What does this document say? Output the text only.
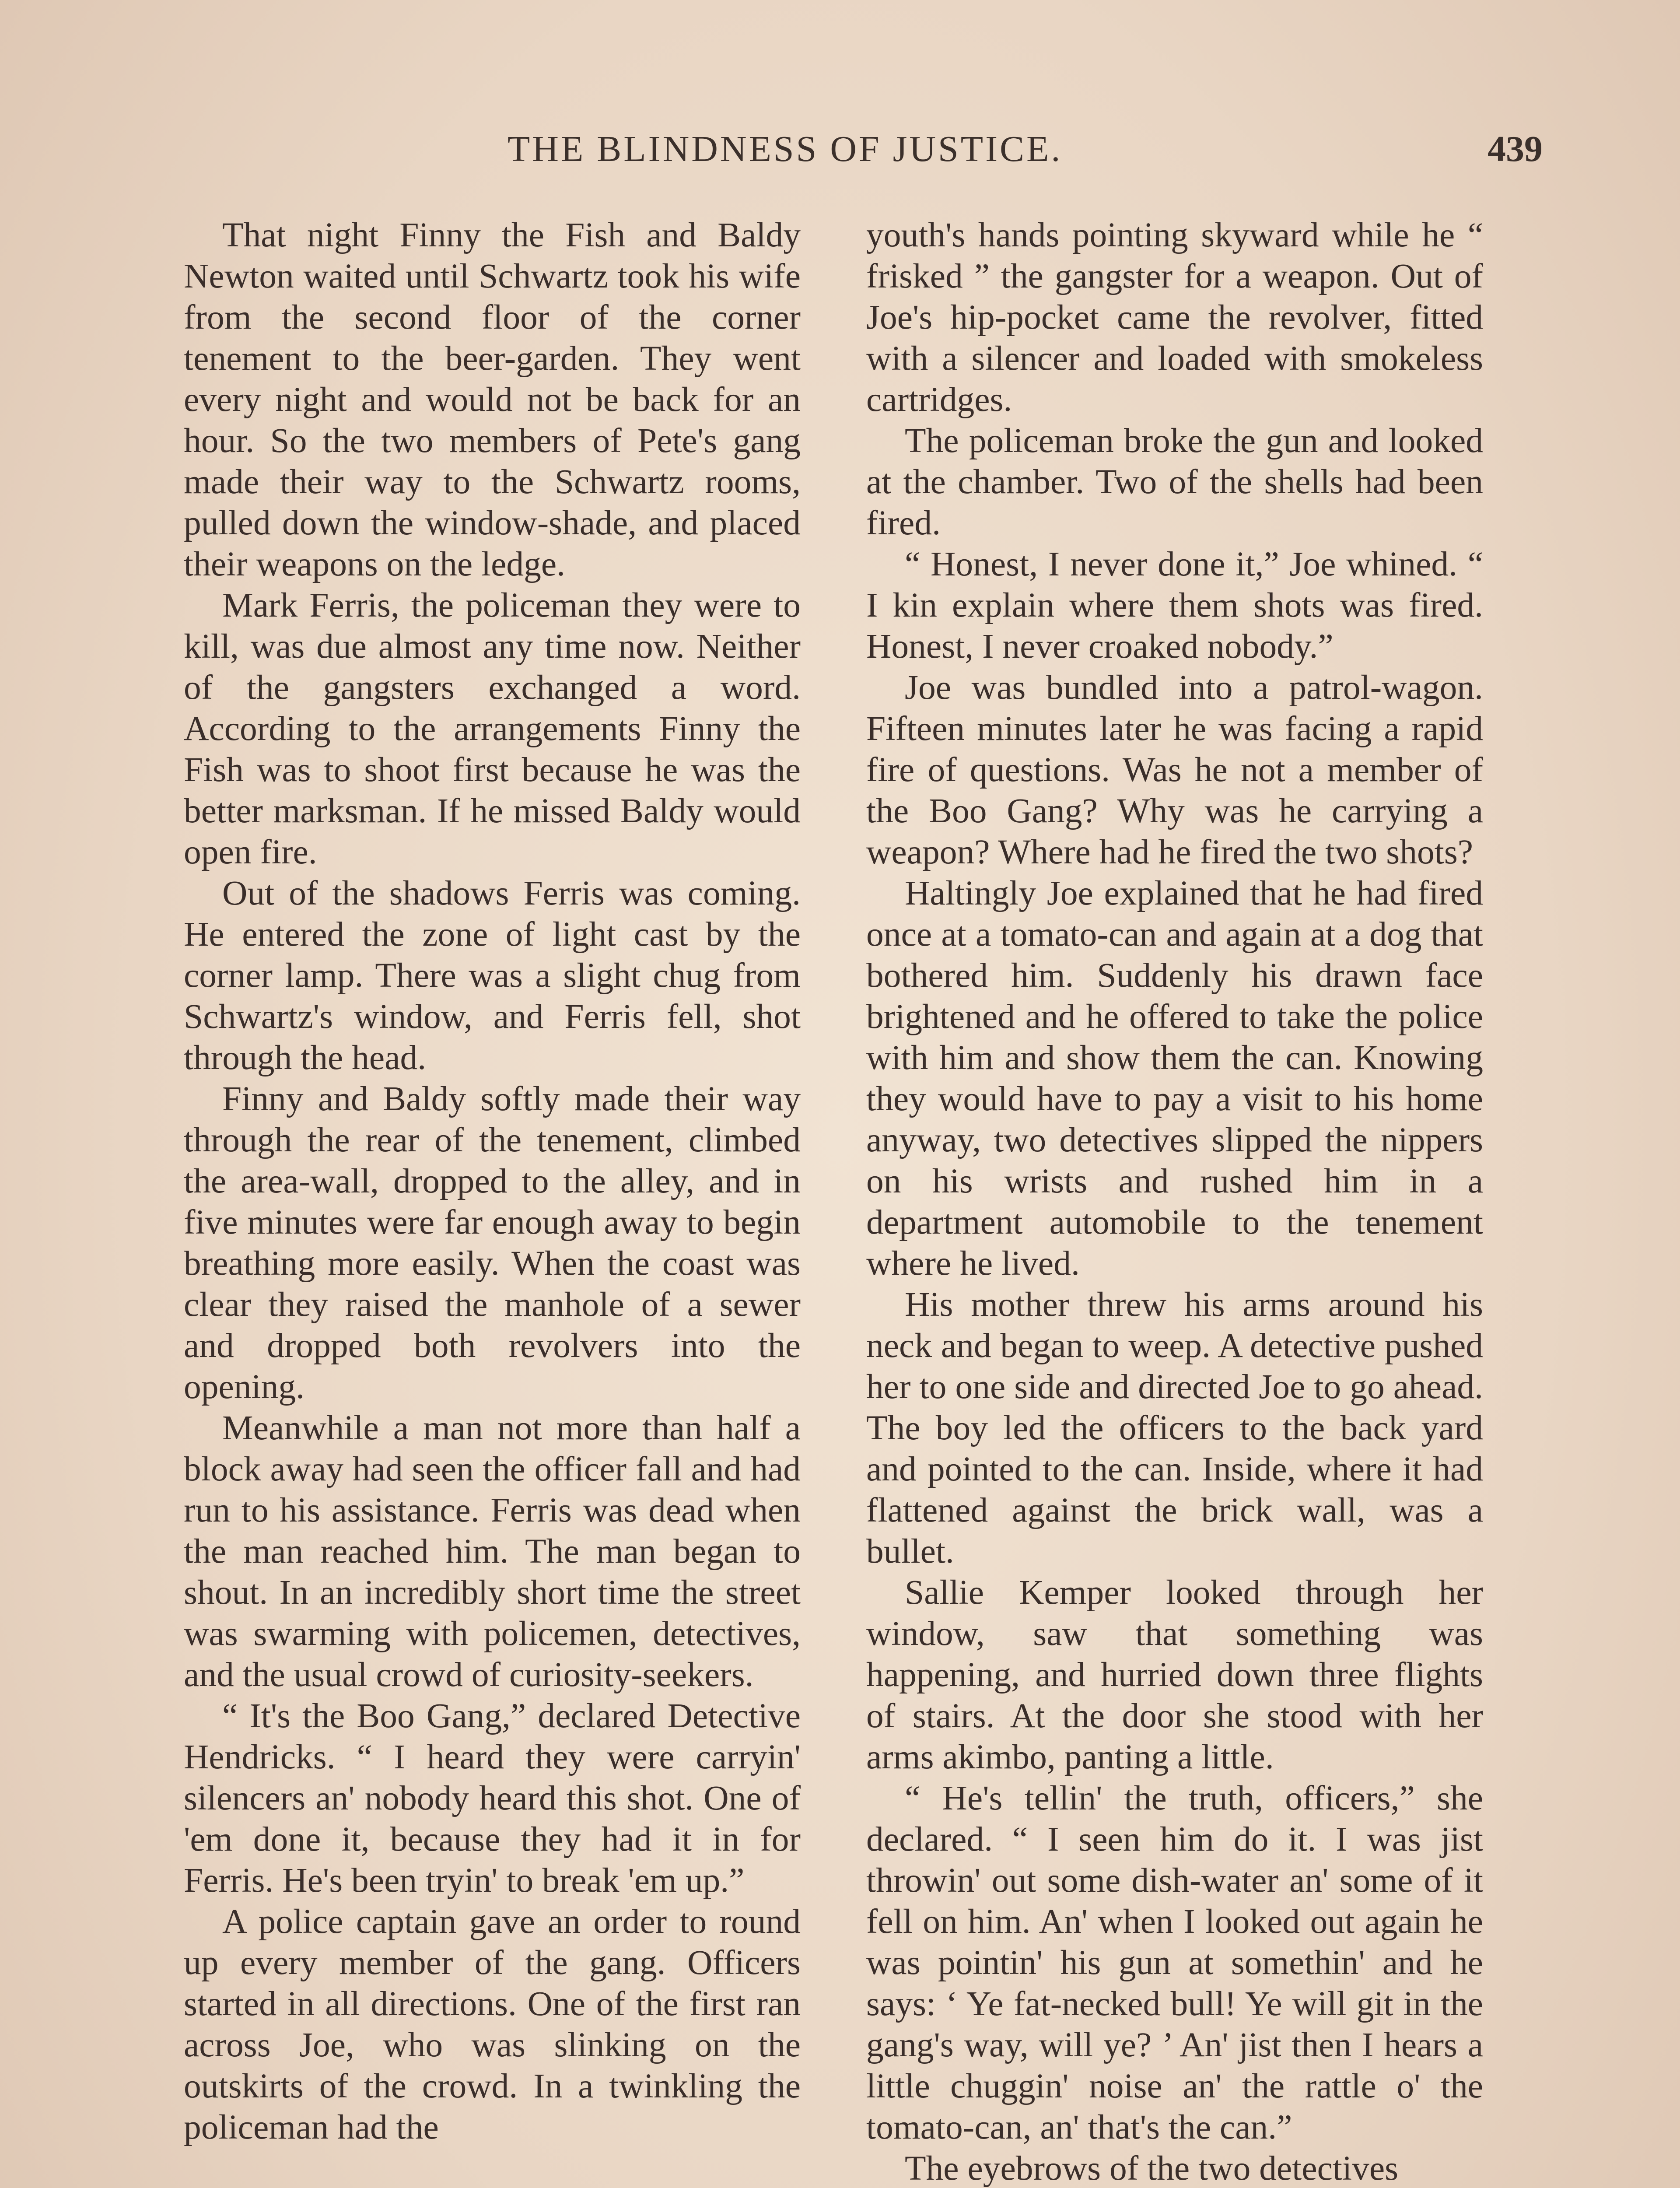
THE BLINDNESS OF JUSTICE.	439

That night Finny the Fish and Baldy Newton waited until Schwartz took his wife from the second floor of the corner tenement to the beer-garden. They went every night and would not be back for an hour. So the two members of Pete's gang made their way to the Schwartz rooms, pulled down the window-shade, and placed their weapons on the ledge.

Mark Ferris, the policeman they were to kill, was due almost any time now. Neither of the gangsters exchanged a word. According to the arrangements Finny the Fish was to shoot first because he was the better marksman. If he missed Baldy would open fire.

Out of the shadows Ferris was coming. He entered the zone of light cast by the corner lamp. There was a slight chug from Schwartz's window, and Ferris fell, shot through the head.

Finny and Baldy softly made their way through the rear of the tenement, climbed the area-wall, dropped to the alley, and in five minutes were far enough away to begin breathing more easily. When the coast was clear they raised the manhole of a sewer and dropped both revolvers into the opening.

Meanwhile a man not more than half a block away had seen the officer fall and had run to his assistance. Ferris was dead when the man reached him. The man began to shout. In an incredibly short time the street was swarming with policemen, detectives, and the usual crowd of curiosity-seekers.

“ It's the Boo Gang,” declared Detective Hendricks. “ I heard they were carryin' silencers an' nobody heard this shot. One of 'em done it, because they had it in for Ferris. He's been tryin' to break 'em up.”

A police captain gave an order to round up every member of the gang. Officers started in all directions. One of the first ran across Joe, who was slinking on the outskirts of the crowd. In a twinkling the policeman had the

youth's hands pointing skyward while he “ frisked ” the gangster for a weapon. Out of Joe's hip-pocket came the revolver, fitted with a silencer and loaded with smokeless cartridges.

The policeman broke the gun and looked at the chamber. Two of the shells had been fired.

“ Honest, I never done it,” Joe whined. “ I kin explain where them shots was fired. Honest, I never croaked nobody.”

Joe was bundled into a patrol-wagon. Fifteen minutes later he was facing a rapid fire of questions. Was he not a member of the Boo Gang? Why was he carrying a weapon? Where had he fired the two shots?

Haltingly Joe explained that he had fired once at a tomato-can and again at a dog that bothered him. Suddenly his drawn face brightened and he offered to take the police with him and show them the can. Knowing they would have to pay a visit to his home anyway, two detectives slipped the nippers on his wrists and rushed him in a department automobile to the tenement where he lived.

His mother threw his arms around his neck and began to weep. A detective pushed her to one side and directed Joe to go ahead. The boy led the officers to the back yard and pointed to the can. Inside, where it had flattened against the brick wall, was a bullet.

Sallie Kemper looked through her window, saw that something was happening, and hurried down three flights of stairs. At the door she stood with her arms akimbo, panting a little.

“ He's tellin' the truth, officers,” she declared. “ I seen him do it. I was jist throwin' out some dish-water an' some of it fell on him. An' when I looked out again he was pointin' his gun at somethin' and he says: ‘ Ye fat-necked bull! Ye will git in the gang's way, will ye? ’ An' jist then I hears a little chuggin' noise an' the rattle o' the tomato-can, an' that's the can.”

The eyebrows of the two detectives
